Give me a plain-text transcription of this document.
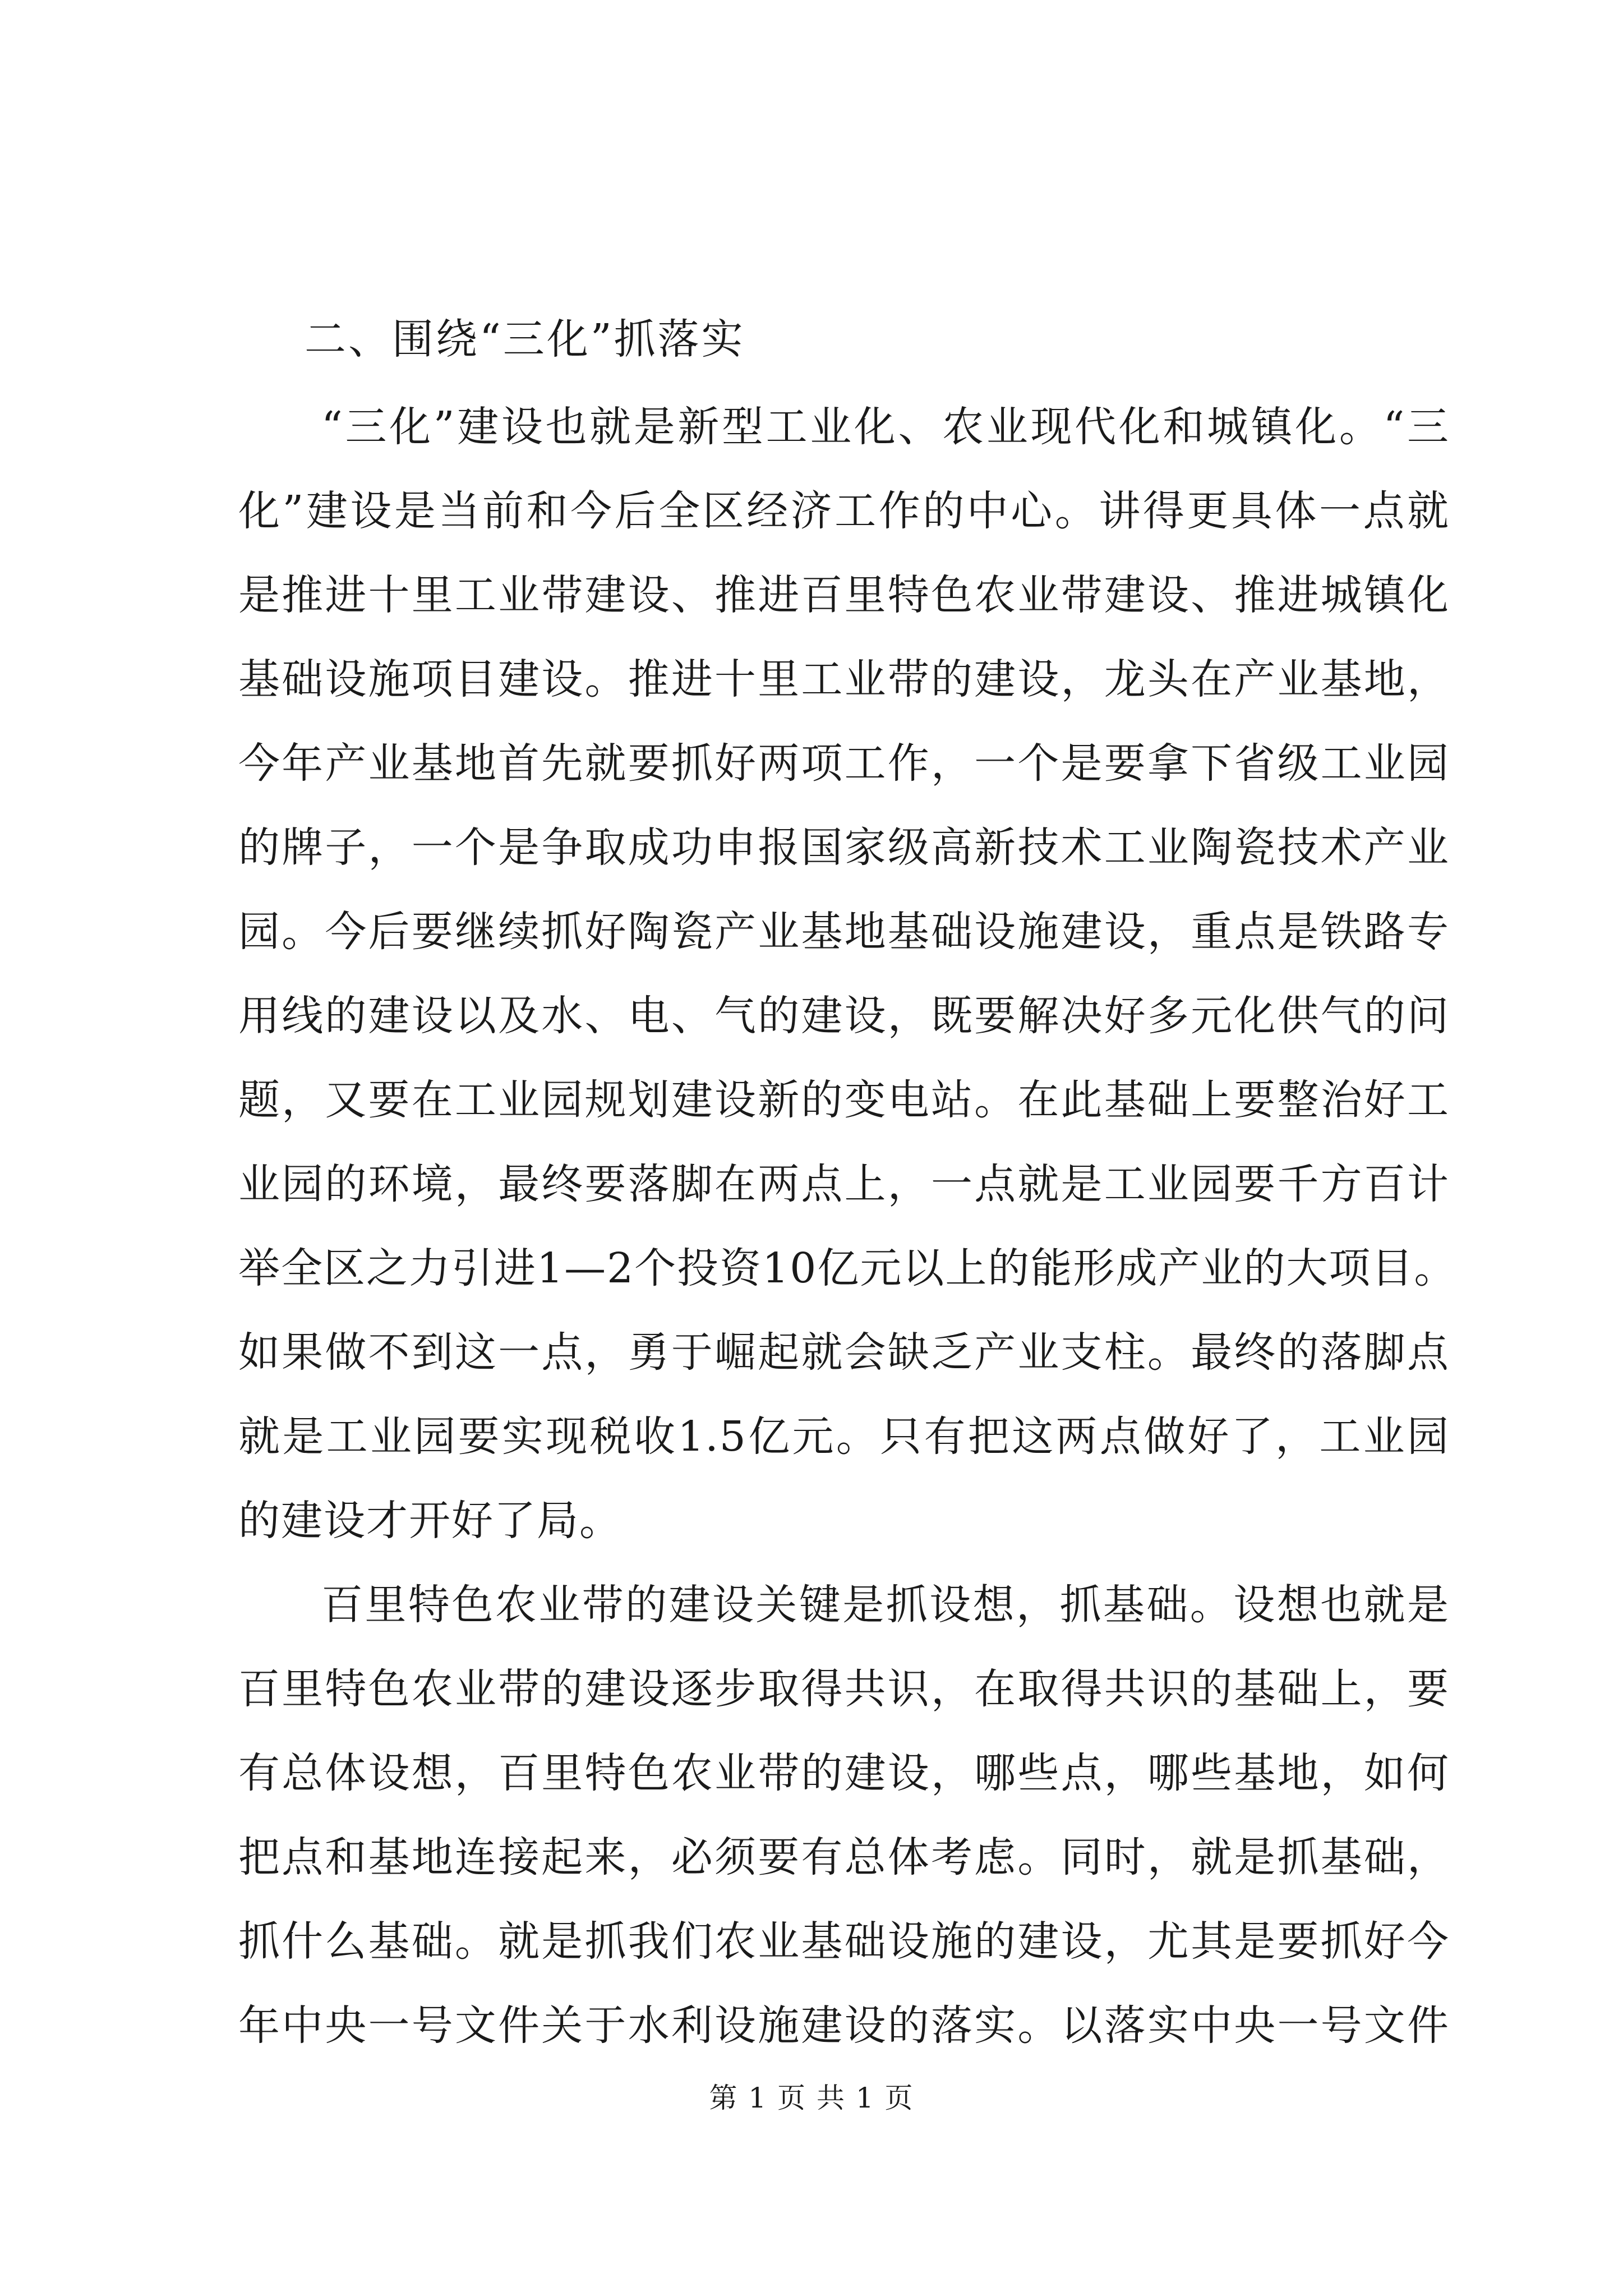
二、围绕“三化”抓落实
“三化”建设也就是新型工业化、农业现代化和城镇化。“三
化”建设是当前和今后全区经济工作的中心。讲得更具体一点就
是推进十里工业带建设、推进百里特色农业带建设、推进城镇化
基础设施项目建设。推进十里工业带的建设，龙头在产业基地，
今年产业基地首先就要抓好两项工作，一个是要拿下省级工业园
的牌子，一个是争取成功申报国家级高新技术工业陶瓷技术产业
园。今后要继续抓好陶瓷产业基地基础设施建设，重点是铁路专
用线的建设以及水、电、气的建设，既要解决好多元化供气的问
题，又要在工业园规划建设新的变电站。在此基础上要整治好工
业园的环境，最终要落脚在两点上，一点就是工业园要千方百计
举全区之力引进1—2个投资10亿元以上的能形成产业的大项目。
如果做不到这一点，勇于崛起就会缺乏产业支柱。最终的落脚点
就是工业园要实现税收1.5亿元。只有把这两点做好了，工业园
的建设才开好了局。
百里特色农业带的建设关键是抓设想，抓基础。设想也就是
百里特色农业带的建设逐步取得共识，在取得共识的基础上，要
有总体设想，百里特色农业带的建设，哪些点，哪些基地，如何
把点和基地连接起来，必须要有总体考虑。同时，就是抓基础，
抓什么基础。就是抓我们农业基础设施的建设，尤其是要抓好今
年中央一号文件关于水利设施建设的落实。以落实中央一号文件
第 1 页 共 1 页
